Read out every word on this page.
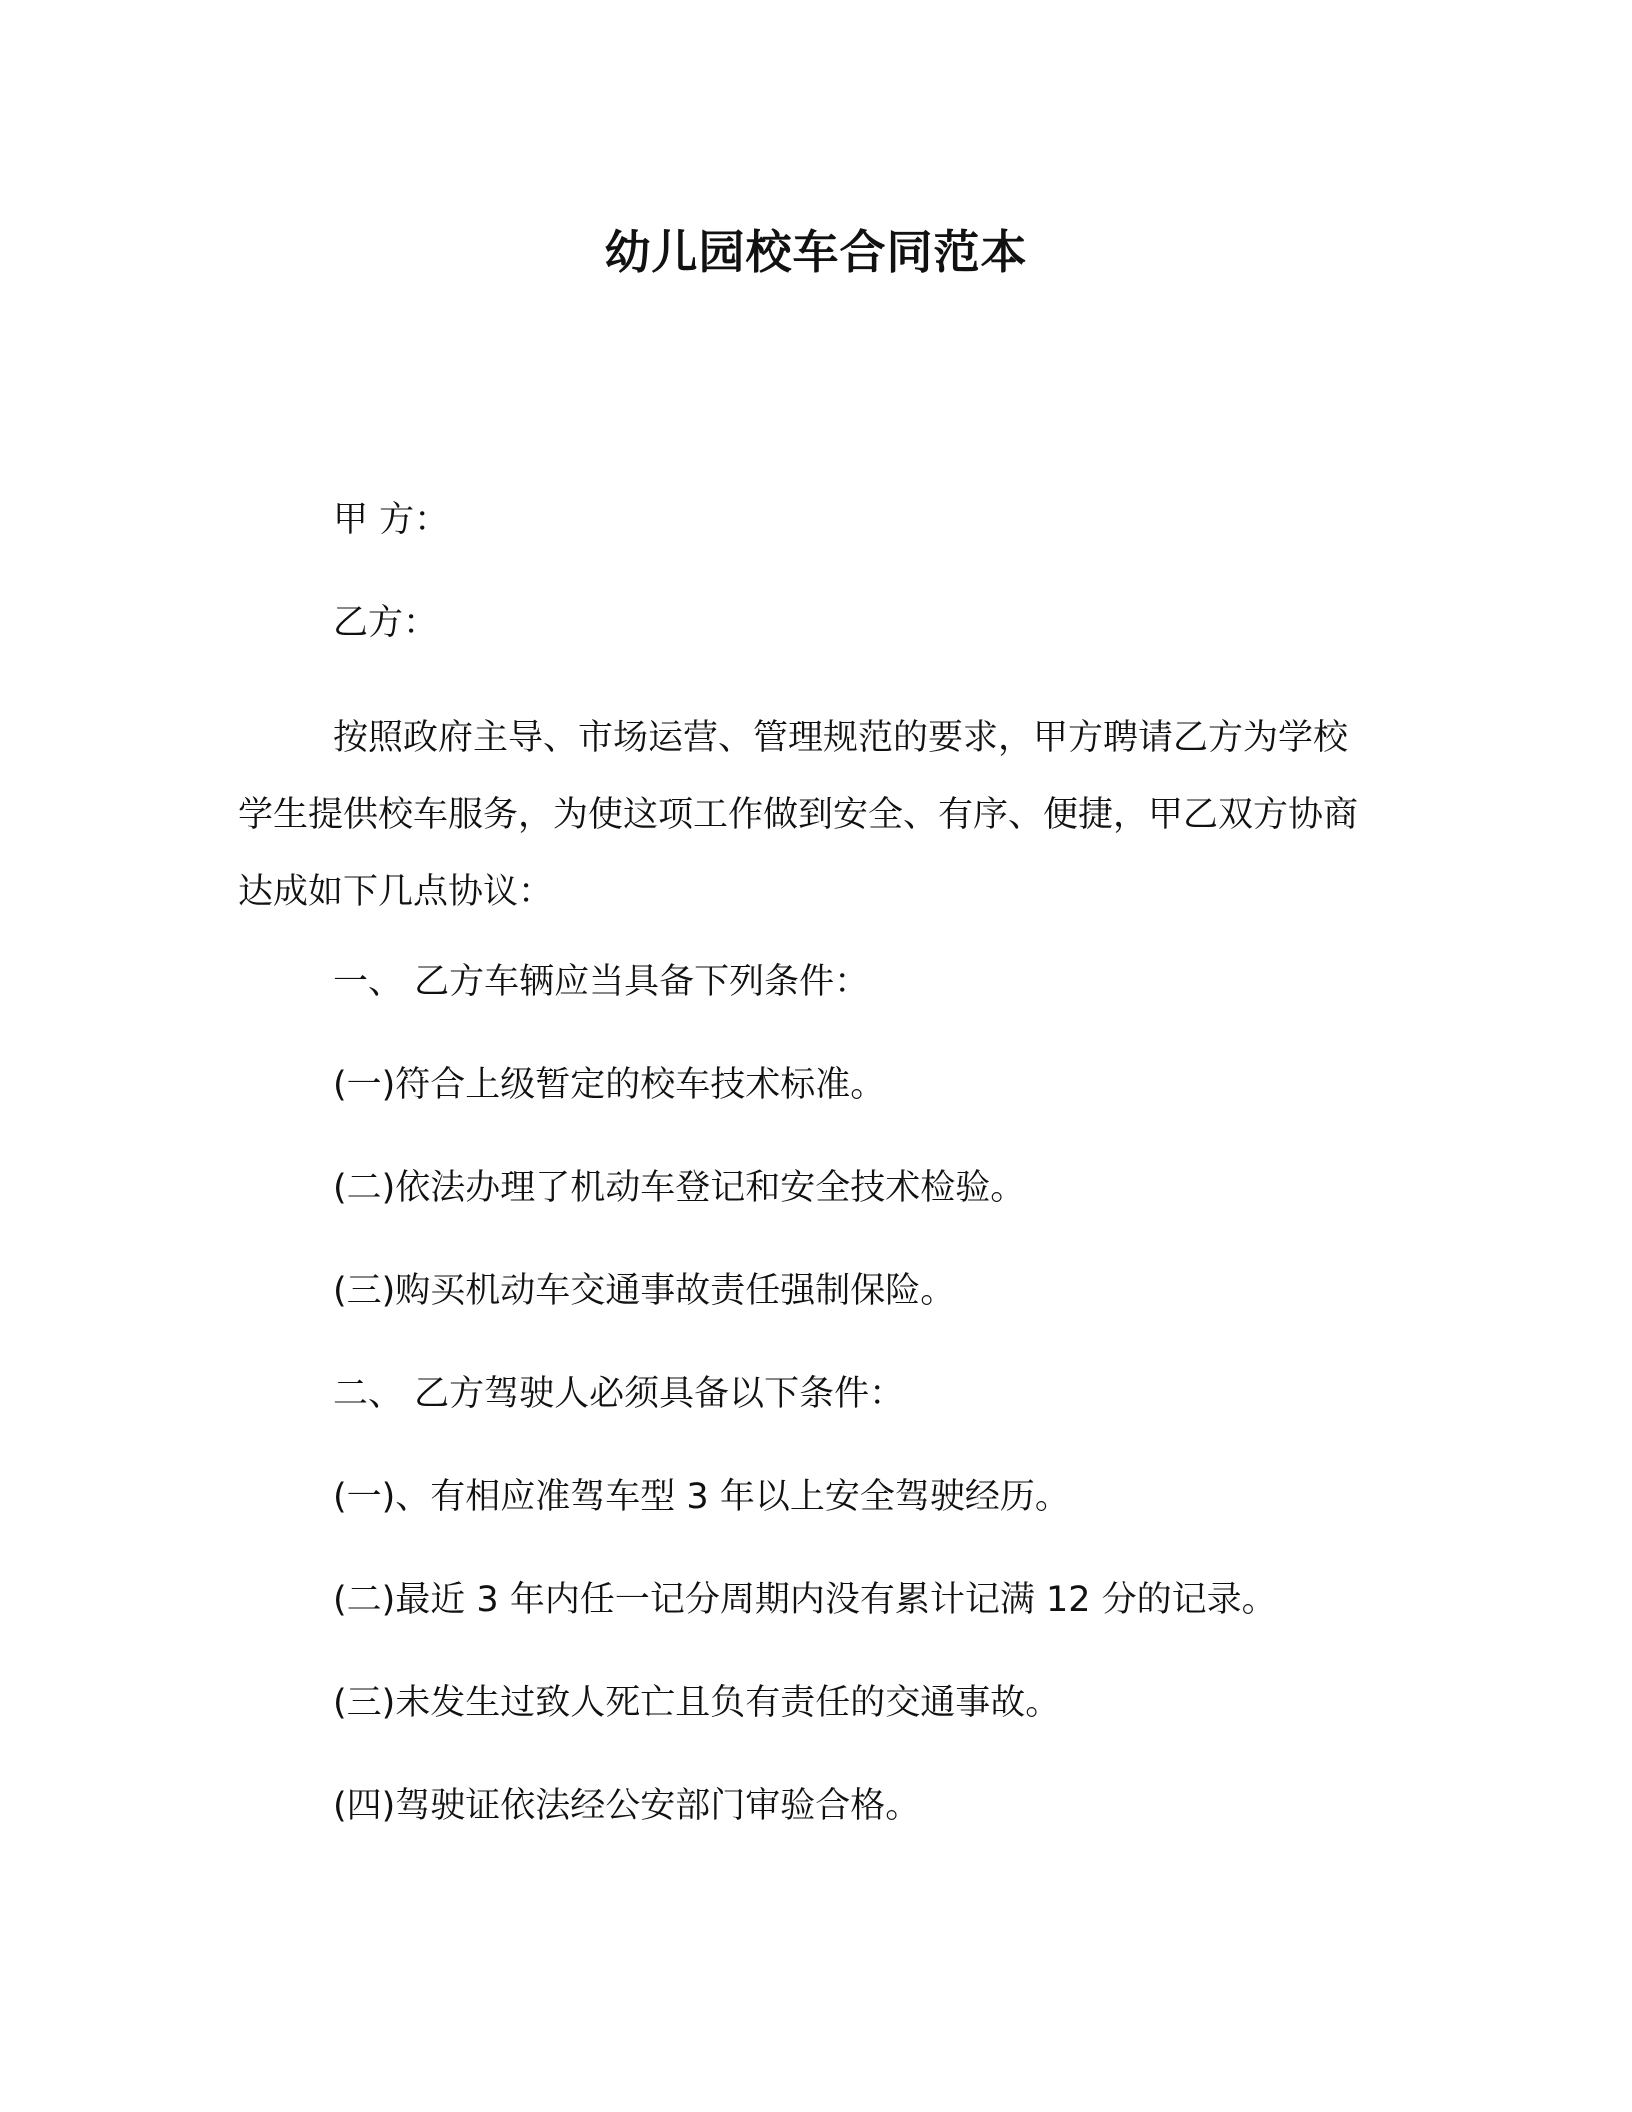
幼儿园校车合同范本
甲 方：
乙方：
按照政府主导、市场运营、管理规范的要求，甲方聘请乙方为学校学生提供校车服务，为使这项工作做到安全、有序、便捷，甲乙双方协商达成如下几点协议：
一、 乙方车辆应当具备下列条件：
(一)符合上级暂定的校车技术标准。
(二)依法办理了机动车登记和安全技术检验。
(三)购买机动车交通事故责任强制保险。
二、 乙方驾驶人必须具备以下条件：
(一)、有相应准驾车型 3 年以上安全驾驶经历。
(二)最近 3 年内任一记分周期内没有累计记满 12 分的记录。
(三)未发生过致人死亡且负有责任的交通事故。
(四)驾驶证依法经公安部门审验合格。
